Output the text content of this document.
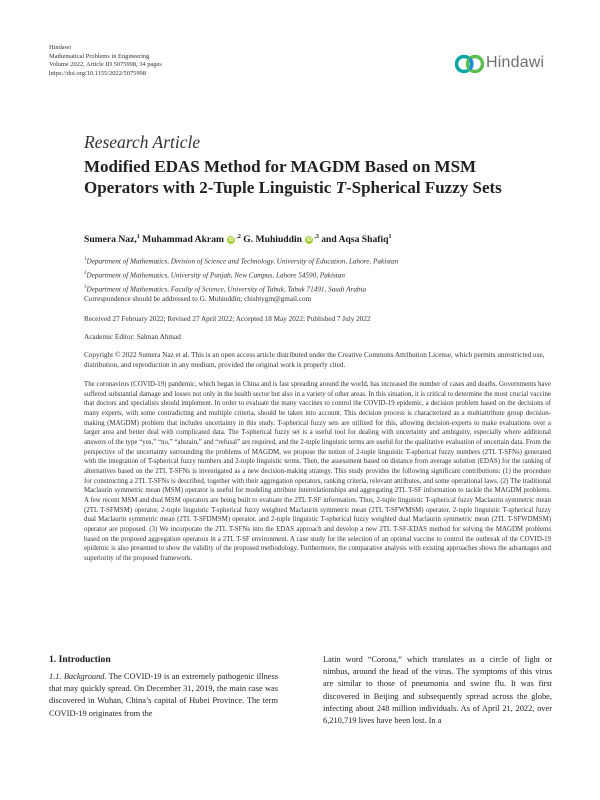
Hindawi
Mathematical Problems in Engineering
Volume 2022, Article ID 5075998, 34 pages
https://doi.org/10.1155/2022/5075998
Hindawi
Research Article
Modified EDAS Method for MAGDM Based on MSM Operators with 2-Tuple Linguistic T-Spherical Fuzzy Sets
Sumera Naz,$^1$ Muhammad Akram $iD^{,2}$ G. Muhiuddin $iD^{,3}$ and Aqsa Shafiq$^1$
$^1$Department of Mathematics, Division of Science and Technology, University of Education, Lahore, Pakistan
$^2$Department of Mathematics, University of Punjab, New Campus, Lahore 54590, Pakistan
$^3$Department of Mathematics, Faculty of Science, University of Tabuk, Tabuk 71491, Saudi Arabia
Correspondence should be addressed to G. Muhiuddin; chishtygm@gmail.com
Received 27 February 2022; Revised 27 April 2022; Accepted 18 May 2022; Published 7 July 2022
Academic Editor: Salman Ahmad
Copyright © 2022 Sumera Naz et al. This is an open access article distributed under the Creative Commons Attribution License, which permits unrestricted use, distribution, and reproduction in any medium, provided the original work is properly cited.
The coronavirus (COVID-19) pandemic, which began in China and is fast spreading around the world, has increased the number of cases and deaths. Governments have suffered substantial damage and losses not only in the health sector but also in a variety of other areas. In this situation, it is critical to determine the most crucial vaccine that doctors and specialists should implement. In order to evaluate the many vaccines to control the COVID-19 epidemic, a decision problem based on the decisions of many experts, with some contradicting and multiple criteria, should be taken into account. This decision process is characterized as a multiattribute group decision-making (MAGDM) problem that includes uncertainty in this study. T-spherical fuzzy sets are utilized for this, allowing decision-experts to make evaluations over a larger area and better deal with complicated data. The T-spherical fuzzy set is a useful tool for dealing with uncertainty and ambiguity, especially where additional answers of the type “yes,” “no,” “abstain,” and “refusal” are required, and the 2-tuple linguistic terms are useful for the qualitative evaluation of uncertain data. From the perspective of the uncertainty surrounding the problems of MAGDM, we propose the notion of 2-tuple linguistic T-spherical fuzzy numbers (2TL T-SFNs) generated with the integration of T-spherical fuzzy numbers and 2-tuple linguistic terms. Then, the assessment based on distance from average solution (EDAS) for the ranking of alternatives based on the 2TL T-SFNs is investigated as a new decision-making strategy. This study provides the following significant contributions: (1) the procedure for constructing a 2TL T-SFNs is described, together with their aggregation operators, ranking criteria, relevant attributes, and some operational laws. (2) The traditional Maclaurin symmetric mean (MSM) operator is useful for modeling attribute interrelationships and aggregating 2TL T-SF information to tackle the MAGDM problems. A few recent MSM and dual MSM operators are being built to evaluate the 2TL T-SF information. Thus, 2-tuple linguistic T-spherical fuzzy Maclaurin symmetric mean (2TL T-SFMSM) operator, 2-tuple linguistic T-spherical fuzzy weighted Maclaurin symmetric mean (2TL T-SFWMSM) operator, 2-tuple linguistic T-spherical fuzzy dual Maclaurin symmetric mean (2TL T-SFDMSM) operator, and 2-tuple linguistic T-spherical fuzzy weighted dual Maclaurin symmetric mean (2TL T-SFWDMSM) operator are proposed. (3) We incorporate the 2TL T-SFNs into the EDAS approach and develop a new 2TL T-SF-EDAS method for solving the MAGDM problems based on the proposed aggregation operators in a 2TL T-SF environment. A case study for the selection of an optimal vaccine to control the outbreak of the COVID-19 epidemic is also presented to show the validity of the proposed methodology. Furthermore, the comparative analysis with existing approaches shows the advantages and superiority of the proposed framework.
1. Introduction
1.1. Background. The COVID-19 is an extremely pathogenic illness that may quickly spread. On December 31, 2019, the main case was discovered in Wuhan, China’s capital of Hubei Province. The term COVID-19 originates from the
Latin word “Corona,” which translates as a circle of light or nimbus, around the head of the virus. The symptoms of this virus are similar to those of pneumonia and swine flu. It was first discovered in Beijing and subsequently spread across the globe, infecting about 248 million individuals. As of April 21, 2022, over 6,210,719 lives have been lost. In a
